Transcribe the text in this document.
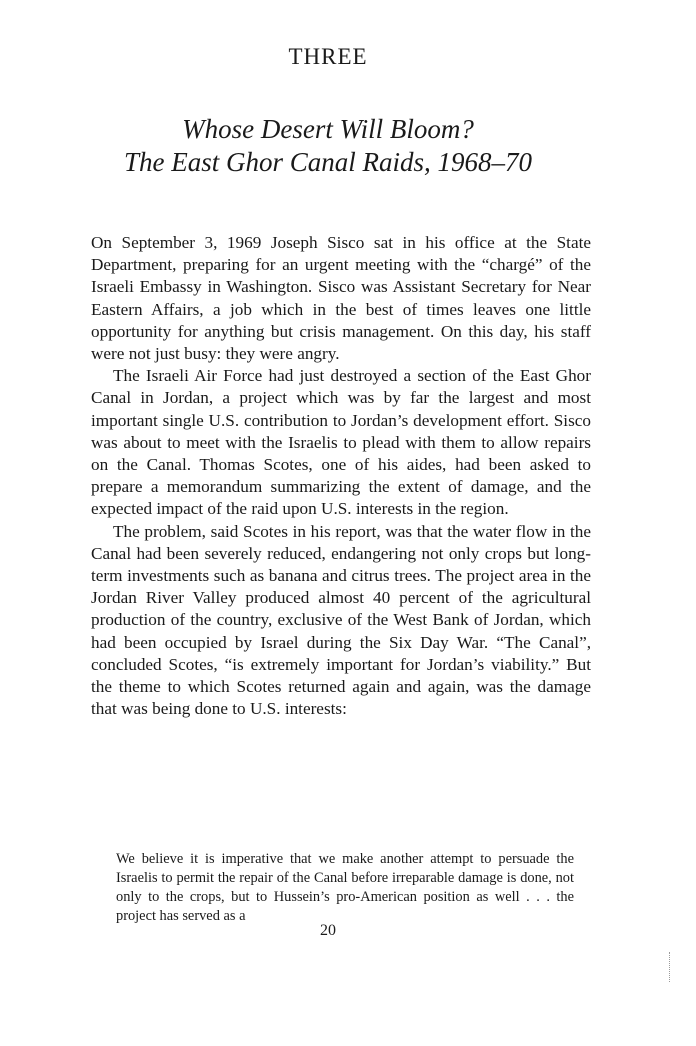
THREE
Whose Desert Will Bloom?
The East Ghor Canal Raids, 1968–70

On September 3, 1969 Joseph Sisco sat in his office at the State Department, preparing for an urgent meeting with the “chargé” of the Israeli Embassy in Washington. Sisco was Assistant Secretary for Near Eastern Affairs, a job which in the best of times leaves one little opportunity for anything but crisis management. On this day, his staff were not just busy: they were angry.

The Israeli Air Force had just destroyed a section of the East Ghor Canal in Jordan, a project which was by far the largest and most important single U.S. contribution to Jordan’s development effort. Sisco was about to meet with the Israelis to plead with them to allow repairs on the Canal. Thomas Scotes, one of his aides, had been asked to prepare a memorandum summarizing the extent of damage, and the expected impact of the raid upon U.S. interests in the region.

The problem, said Scotes in his report, was that the water flow in the Canal had been severely reduced, endangering not only crops but long-term investments such as banana and citrus trees. The project area in the Jordan River Valley produced almost 40 percent of the agricultural production of the country, exclusive of the West Bank of Jordan, which had been occupied by Israel during the Six Day War. “The Canal”, concluded Scotes, “is extremely important for Jordan’s viability.” But the theme to which Scotes returned again and again, was the damage that was being done to U.S. interests:

We believe it is imperative that we make another attempt to persuade the Israelis to permit the repair of the Canal before irreparable damage is done, not only to the crops, but to Hussein’s pro-American position as well . . . the project has served as a
20
